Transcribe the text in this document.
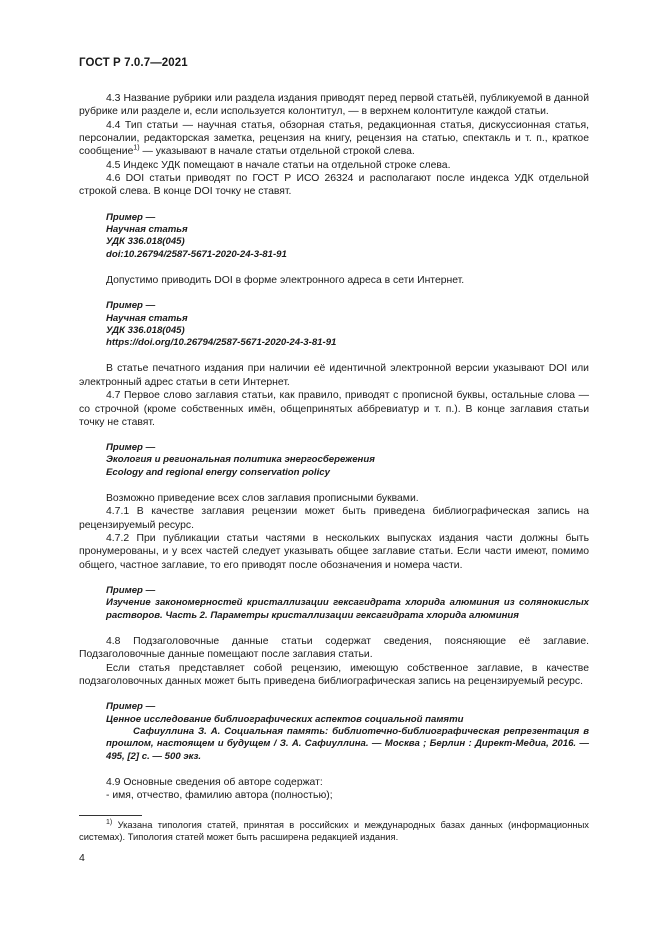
ГОСТ Р 7.0.7—2021

4.3 Название рубрики или раздела издания приводят перед первой статьёй, публикуемой в данной рубрике или разделе и, если используется колонтитул, — в верхнем колонтитуле каждой статьи.

4.4 Тип статьи — научная статья, обзорная статья, редакционная статья, дискуссионная статья, персоналии, редакторская заметка, рецензия на книгу, рецензия на статью, спектакль и т. п., краткое сообщение$^{1)}$ — указывают в начале статьи отдельной строкой слева.

4.5 Индекс УДК помещают в начале статьи на отдельной строке слева.

4.6 DOI статьи приводят по ГОСТ Р ИСО 26324 и располагают после индекса УДК отдельной строкой слева. В конце DOI точку не ставят.

Пример —
Научная статья
УДК 336.018(045)
doi:10.26794/2587-5671-2020-24-3-81-91

Допустимо приводить DOI в форме электронного адреса в сети Интернет.

Пример —
Научная статья
УДК 336.018(045)
https://doi.org/10.26794/2587-5671-2020-24-3-81-91

В статье печатного издания при наличии её идентичной электронной версии указывают DOI или электронный адрес статьи в сети Интернет.

4.7 Первое слово заглавия статьи, как правило, приводят с прописной буквы, остальные слова — со строчной (кроме собственных имён, общепринятых аббревиатур и т. п.). В конце заглавия статьи точку не ставят.

Пример —
Экология и региональная политика энергосбережения
Ecology and regional energy conservation policy

Возможно приведение всех слов заглавия прописными буквами.

4.7.1 В качестве заглавия рецензии может быть приведена библиографическая запись на рецензируемый ресурс.

4.7.2 При публикации статьи частями в нескольких выпусках издания части должны быть пронумерованы, и у всех частей следует указывать общее заглавие статьи. Если части имеют, помимо общего, частное заглавие, то его приводят после обозначения и номера части.

Пример —
Изучение закономерностей кристаллизации гексагидрата хлорида алюминия из солянокислых растворов. Часть 2. Параметры кристаллизации гексагидрата хлорида алюминия

4.8 Подзаголовочные данные статьи содержат сведения, поясняющие её заглавие. Подзаголовочные данные помещают после заглавия статьи.

Если статья представляет собой рецензию, имеющую собственное заглавие, в качестве подзаголовочных данных может быть приведена библиографическая запись на рецензируемый ресурс.

Пример —
Ценное исследование библиографических аспектов социальной памяти
Сафиуллина З. А. Социальная память: библиотечно-библиографическая репрезентация в прошлом, настоящем и будущем / З. А. Сафиуллина. — Москва ; Берлин : Директ-Медиа, 2016. — 495, [2] с. — 500 экз.

4.9 Основные сведения об авторе содержат:

- имя, отчество, фамилию автора (полностью);

$^{1)}$ Указана типология статей, принятая в российских и международных базах данных (информационных системах). Типология статей может быть расширена редакцией издания.
4
